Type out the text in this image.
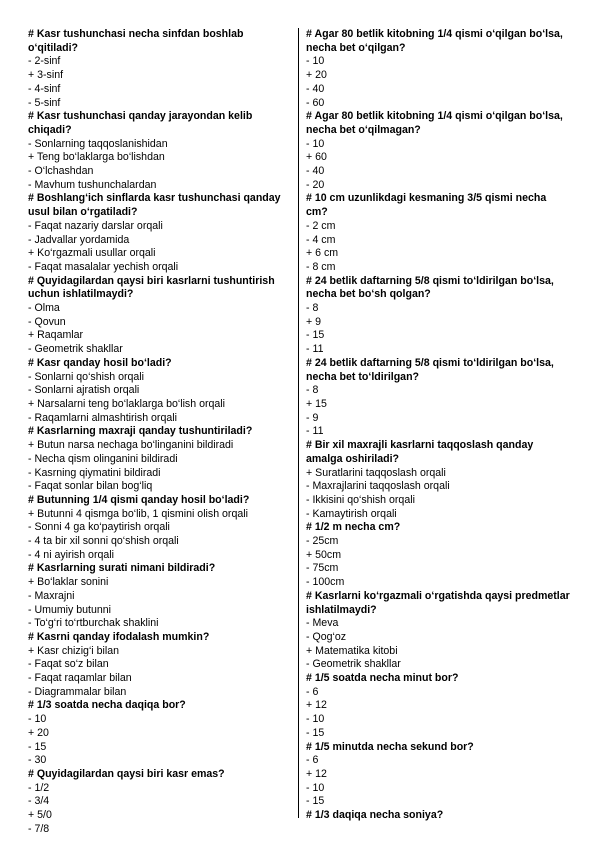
# Kasr tushunchasi necha sinfdan boshlab o‘qitiladi?

- 2-sinf

+ 3-sinf

- 4-sinf

- 5-sinf

# Kasr tushunchasi qanday jarayondan kelib chiqadi?

- Sonlarning taqqoslanishidan

+ Teng bo‘laklarga bo‘lishdan

- O‘lchashdan

- Mavhum tushunchalardan

# Boshlang‘ich sinflarda kasr tushunchasi qanday usul bilan o‘rgatiladi?

- Faqat nazariy darslar orqali

- Jadvallar yordamida

+ Ko‘rgazmali usullar orqali

- Faqat masalalar yechish orqali

# Quyidagilardan qaysi biri kasrlarni tushuntirish uchun ishlatilmaydi?

- Olma

- Qovun

+ Raqamlar

- Geometrik shakllar

# Kasr qanday hosil bo‘ladi?

- Sonlarni qo‘shish orqali

- Sonlarni ajratish orqali

+ Narsalarni teng bo‘laklarga bo‘lish orqali

- Raqamlarni almashtirish orqali

# Kasrlarning maxraji qanday tushuntiriladi?

+ Butun narsa nechaga bo‘linganini bildiradi

- Necha qism olinganini bildiradi

- Kasrning qiymatini bildiradi

- Faqat sonlar bilan bog‘liq

# Butunning 1/4 qismi qanday hosil bo‘ladi?

+ Butunni 4 qismga bo‘lib, 1 qismini olish orqali

- Sonni 4 ga ko‘paytirish orqali

- 4 ta bir xil sonni qo‘shish orqali

- 4 ni ayirish orqali

# Kasrlarning surati nimani bildiradi?

+ Bo‘laklar sonini

- Maxrajni

- Umumiy butunni

- To‘g‘ri to‘rtburchak shaklini

# Kasrni qanday ifodalash mumkin?

+ Kasr chizig‘i bilan

- Faqat so‘z bilan

- Faqat raqamlar bilan

- Diagrammalar bilan

# 1/3 soatda necha daqiqa bor?

- 10

+ 20

- 15

- 30

# Quyidagilardan qaysi biri kasr emas?

- 1/2

- 3/4

+ 5/0

- 7/8

# Agar 80 betlik kitobning 1/4 qismi o‘qilgan bo‘lsa, necha bet o‘qilgan?

- 10

+ 20

- 40

- 60

# Agar 80 betlik kitobning 1/4 qismi o‘qilgan bo‘lsa, necha bet o‘qilmagan?

- 10

+ 60

- 40

- 20

# 10 cm uzunlikdagi kesmaning 3/5 qismi necha cm?

- 2 cm

- 4 cm

+ 6 cm

- 8 cm

# 24 betlik daftarning 5/8 qismi to‘ldirilgan bo‘lsa, necha bet bo‘sh qolgan?

- 8

+ 9

- 15

- 11

# 24 betlik daftarning 5/8 qismi to‘ldirilgan bo‘lsa, necha bet to‘ldirilgan?

- 8

+ 15

- 9

- 11

# Bir xil maxrajli kasrlarni taqqoslash qanday amalga oshiriladi?

+ Suratlarini taqqoslash orqali

- Maxrajlarini taqqoslash orqali

- Ikkisini qo‘shish orqali

- Kamaytirish orqali

# 1/2 m necha cm?

- 25cm

+ 50cm

- 75cm

- 100cm

# Kasrlarni ko‘rgazmali o‘rgatishda qaysi predmetlar ishlatilmaydi?

- Meva

- Qog‘oz

+ Matematika kitobi

- Geometrik shakllar

# 1/5 soatda necha minut bor?

- 6

+ 12

- 10

- 15

# 1/5 minutda necha sekund bor?

- 6

+ 12

- 10

- 15

# 1/3 daqiqa necha soniya?
